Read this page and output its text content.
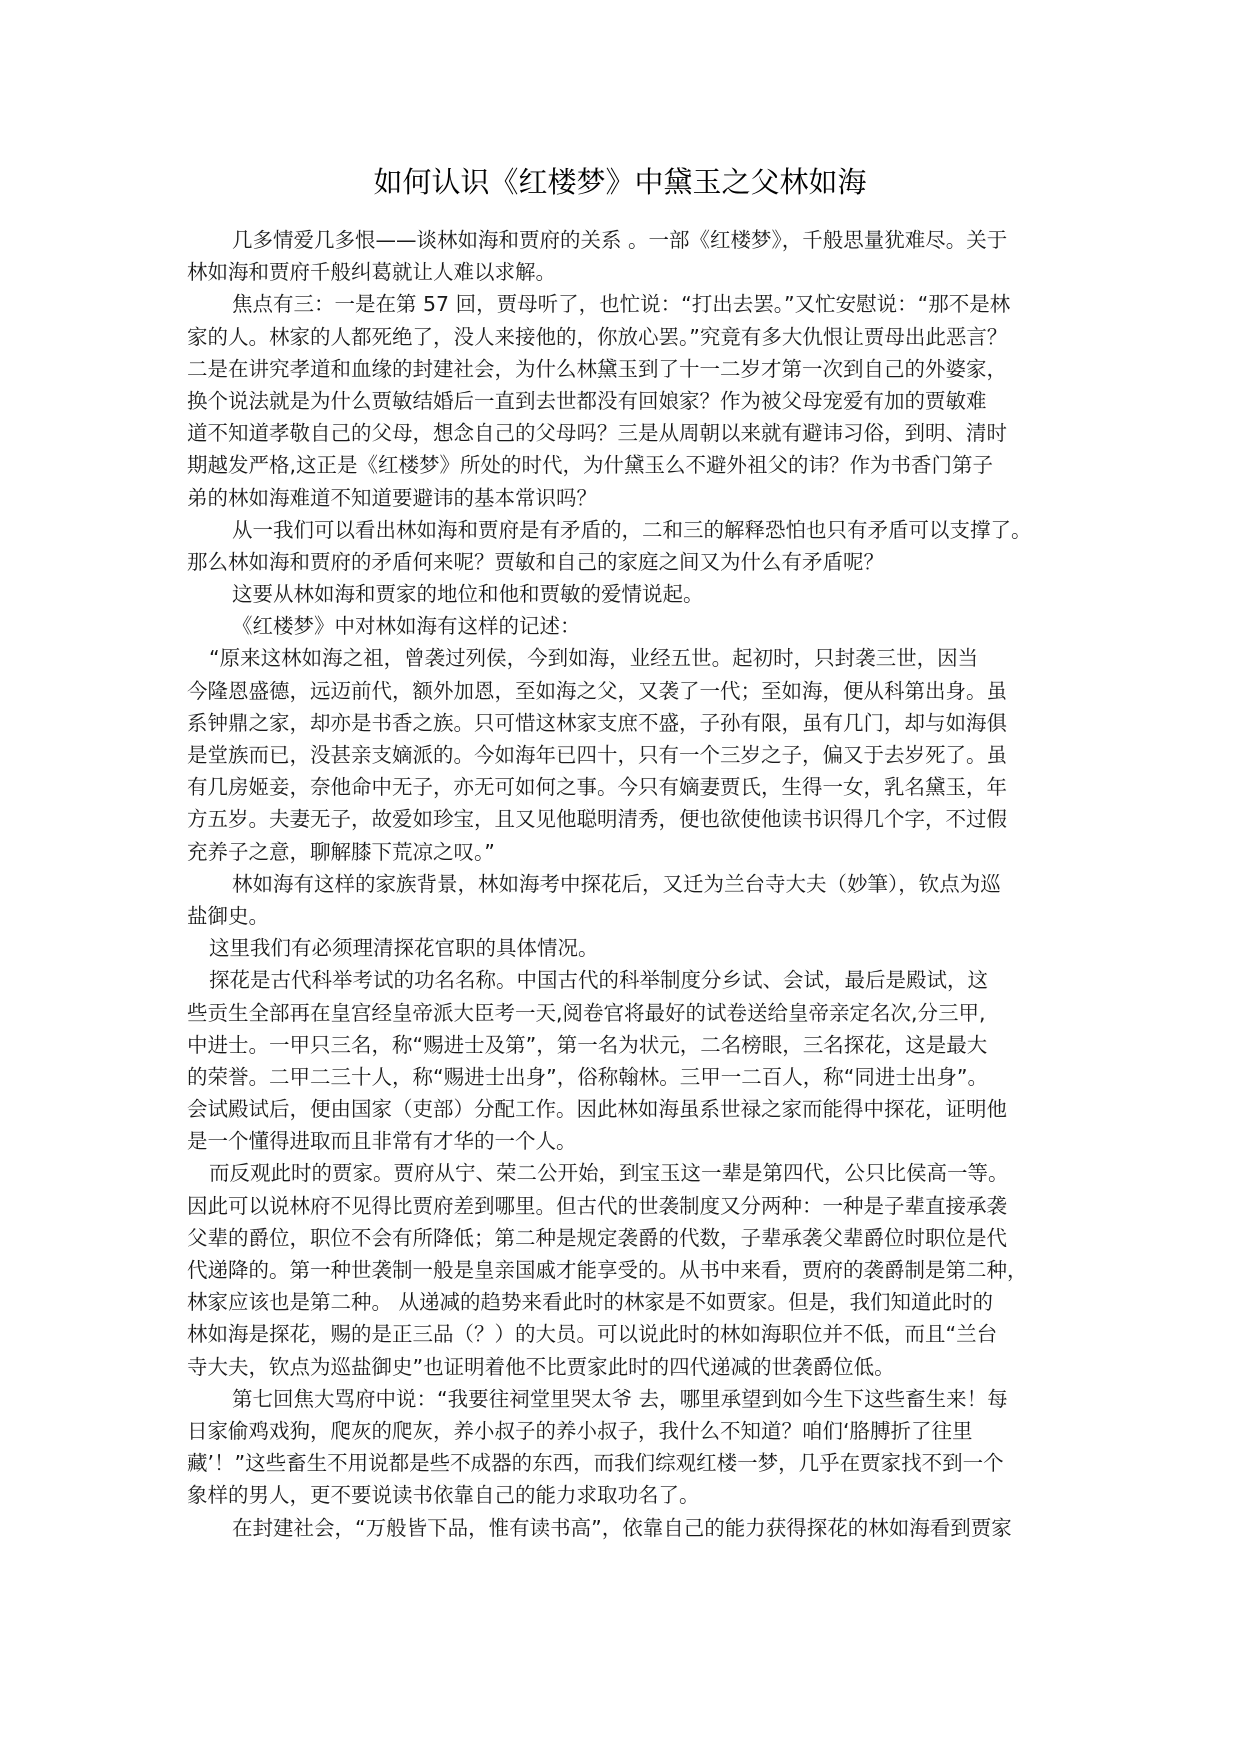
如何认识《红楼梦》中黛玉之父林如海
几多情爱几多恨——谈林如海和贾府的关系 。一部《红楼梦》，千般思量犹难尽。关于
林如海和贾府千般纠葛就让人难以求解。
焦点有三：一是在第 57 回，贾母听了，也忙说：“打出去罢。”又忙安慰说：“那不是林
家的人。林家的人都死绝了，没人来接他的，你放心罢。”究竟有多大仇恨让贾母出此恶言？
二是在讲究孝道和血缘的封建社会，为什么林黛玉到了十一二岁才第一次到自己的外婆家，
换个说法就是为什么贾敏结婚后一直到去世都没有回娘家？作为被父母宠爱有加的贾敏难
道不知道孝敬自己的父母，想念自己的父母吗？三是从周朝以来就有避讳习俗，到明、清时
期越发严格,这正是《红楼梦》所处的时代，为什黛玉么不避外祖父的讳？作为书香门第子
弟的林如海难道不知道要避讳的基本常识吗？
从一我们可以看出林如海和贾府是有矛盾的，二和三的解释恐怕也只有矛盾可以支撑了。
那么林如海和贾府的矛盾何来呢？贾敏和自己的家庭之间又为什么有矛盾呢？
这要从林如海和贾家的地位和他和贾敏的爱情说起。
《红楼梦》中对林如海有这样的记述：
“原来这林如海之祖，曾袭过列侯，今到如海，业经五世。起初时，只封袭三世，因当
今隆恩盛德，远迈前代，额外加恩，至如海之父，又袭了一代；至如海，便从科第出身。虽
系钟鼎之家，却亦是书香之族。只可惜这林家支庶不盛，子孙有限，虽有几门，却与如海俱
是堂族而已，没甚亲支嫡派的。今如海年已四十，只有一个三岁之子，偏又于去岁死了。虽
有几房姬妾，奈他命中无子，亦无可如何之事。今只有嫡妻贾氏，生得一女，乳名黛玉，年
方五岁。夫妻无子，故爱如珍宝，且又见他聪明清秀，便也欲使他读书识得几个字，不过假
充养子之意，聊解膝下荒凉之叹。”
林如海有这样的家族背景，林如海考中探花后，又迁为兰台寺大夫（妙筆），钦点为巡
盐御史。
这里我们有必须理清探花官职的具体情况。
探花是古代科举考试的功名名称。中国古代的科举制度分乡试、会试，最后是殿试，这
些贡生全部再在皇宫经皇帝派大臣考一天,阅卷官将最好的试卷送给皇帝亲定名次,分三甲,
中进士。一甲只三名，称“赐进士及第”，第一名为状元，二名榜眼，三名探花，这是最大
的荣誉。二甲二三十人，称“赐进士出身”，俗称翰林。三甲一二百人，称“同进士出身”。
会试殿试后，便由国家（吏部）分配工作。因此林如海虽系世禄之家而能得中探花，证明他
是一个懂得进取而且非常有才华的一个人。
而反观此时的贾家。贾府从宁、荣二公开始，到宝玉这一辈是第四代，公只比侯高一等。
因此可以说林府不见得比贾府差到哪里。但古代的世袭制度又分两种：一种是子辈直接承袭
父辈的爵位，职位不会有所降低；第二种是规定袭爵的代数，子辈承袭父辈爵位时职位是代
代递降的。第一种世袭制一般是皇亲国戚才能享受的。从书中来看，贾府的袭爵制是第二种，
林家应该也是第二种。 从递减的趋势来看此时的林家是不如贾家。但是，我们知道此时的
林如海是探花，赐的是正三品（？）的大员。可以说此时的林如海职位并不低，而且“兰台
寺大夫，钦点为巡盐御史”也证明着他不比贾家此时的四代递减的世袭爵位低。
第七回焦大骂府中说：“我要往祠堂里哭太爷 去，哪里承望到如今生下这些畜生来！每
日家偷鸡戏狗，爬灰的爬灰，养小叔子的养小叔子，我什么不知道？咱们‘胳膊折了往里
藏’！”这些畜生不用说都是些不成器的东西，而我们综观红楼一梦，几乎在贾家找不到一个
象样的男人，更不要说读书依靠自己的能力求取功名了。
在封建社会，“万般皆下品，惟有读书高”，依靠自己的能力获得探花的林如海看到贾家
